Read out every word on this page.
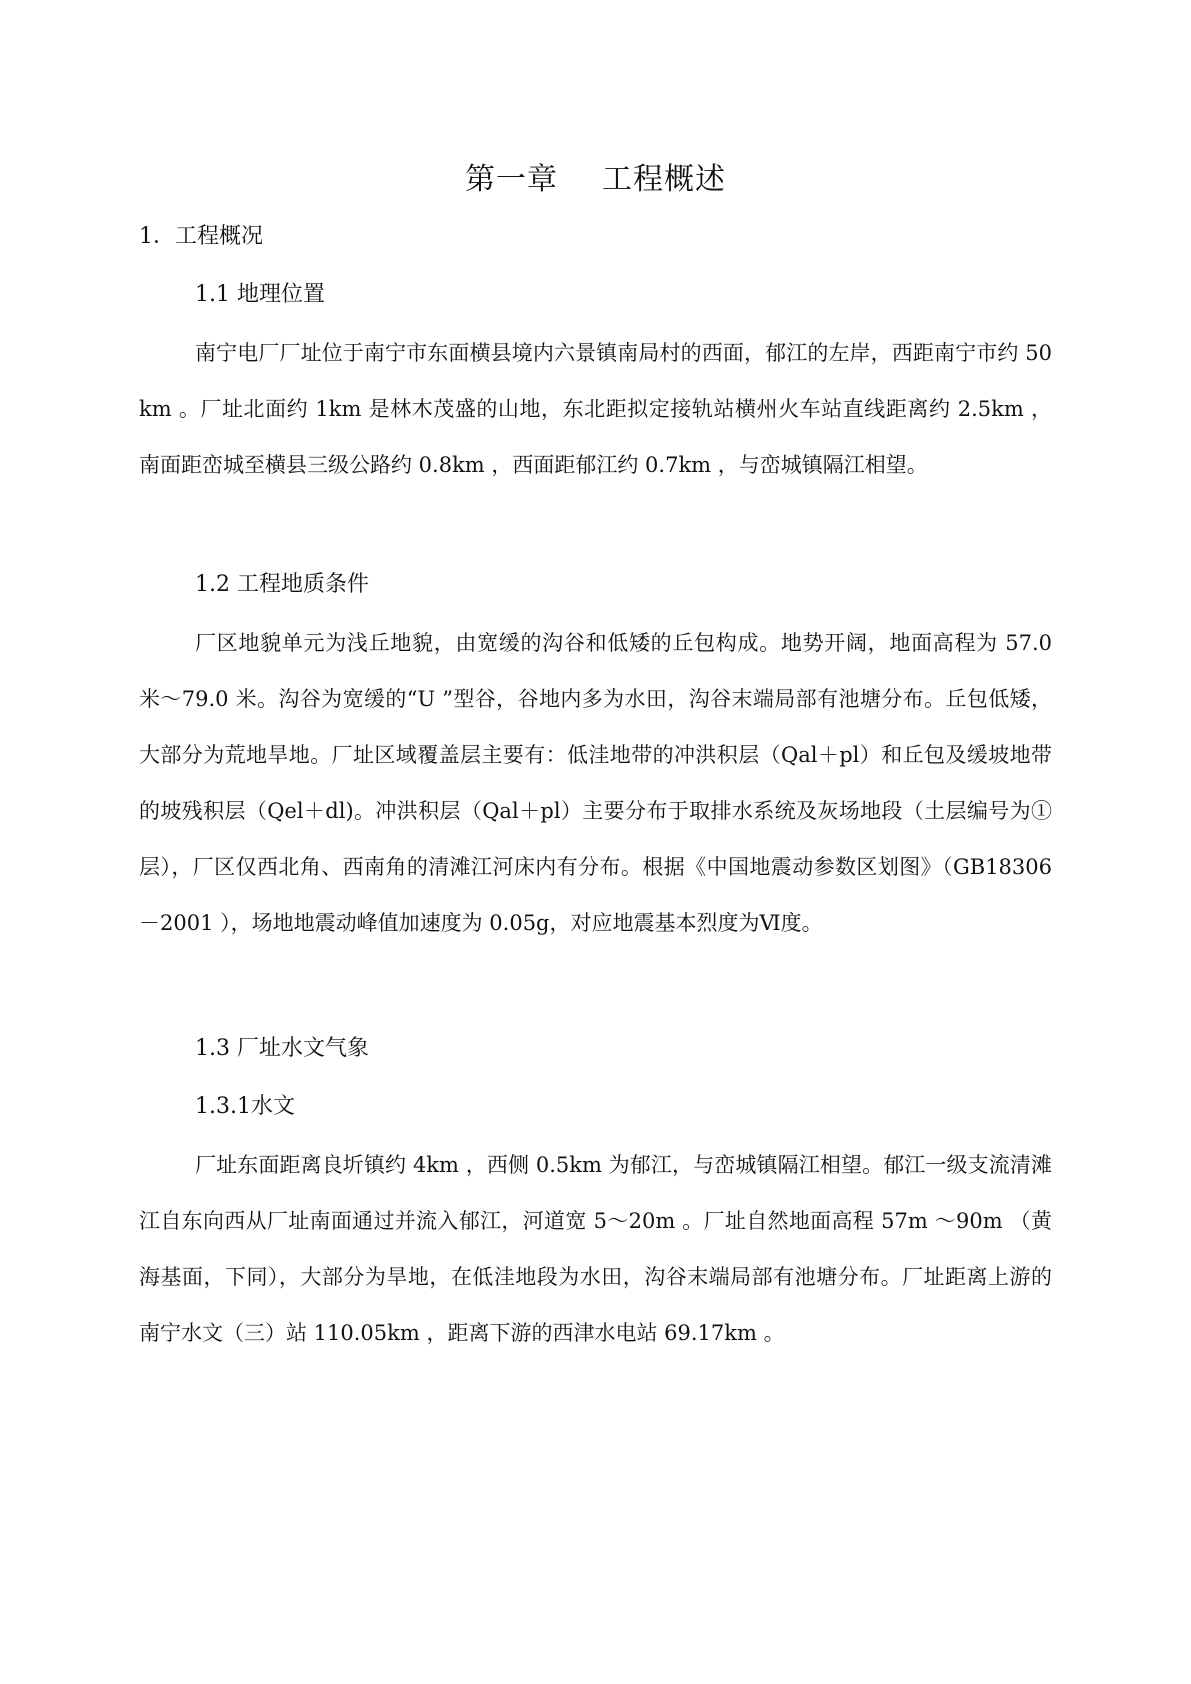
第一章 工程概述
1．工程概况
1.1 地理位置

南宁电厂厂址位于南宁市东面横县境内六景镇南局村的西面，郁江的左岸，西距南宁市约 50km 。厂址北面约 1km 是林木茂盛的山地，东北距拟定接轨站横州火车站直线距离约 2.5km ，南面距峦城至横县三级公路约 0.8km ，西面距郁江约 0.7km ，与峦城镇隔江相望。

1.2 工程地质条件

厂区地貌单元为浅丘地貌，由宽缓的沟谷和低矮的丘包构成。地势开阔，地面高程为 57.0 米～79.0 米。沟谷为宽缓的“U ”型谷，谷地内多为水田，沟谷末端局部有池塘分布。丘包低矮，大部分为荒地旱地。厂址区域覆盖层主要有：低洼地带的冲洪积层（Qal＋pl）和丘包及缓坡地带的坡残积层（Qel＋dl)。冲洪积层（Qal＋pl）主要分布于取排水系统及灰场地段（土层编号为①层），厂区仅西北角、西南角的清滩江河床内有分布。根据《中国地震动参数区划图》（GB18306 －2001 ），场地地震动峰值加速度为 0.05g，对应地震基本烈度为Ⅵ度。

1.3 厂址水文气象
1.3.1水文

厂址东面距离良圻镇约 4km ，西侧 0.5km 为郁江，与峦城镇隔江相望。郁江一级支流清滩江自东向西从厂址南面通过并流入郁江，河道宽 5～20m 。厂址自然地面高程 57m ～90m （黄海基面，下同），大部分为旱地，在低洼地段为水田，沟谷末端局部有池塘分布。厂址距离上游的南宁水文（三）站 110.05km ，距离下游的西津水电站 69.17km 。
